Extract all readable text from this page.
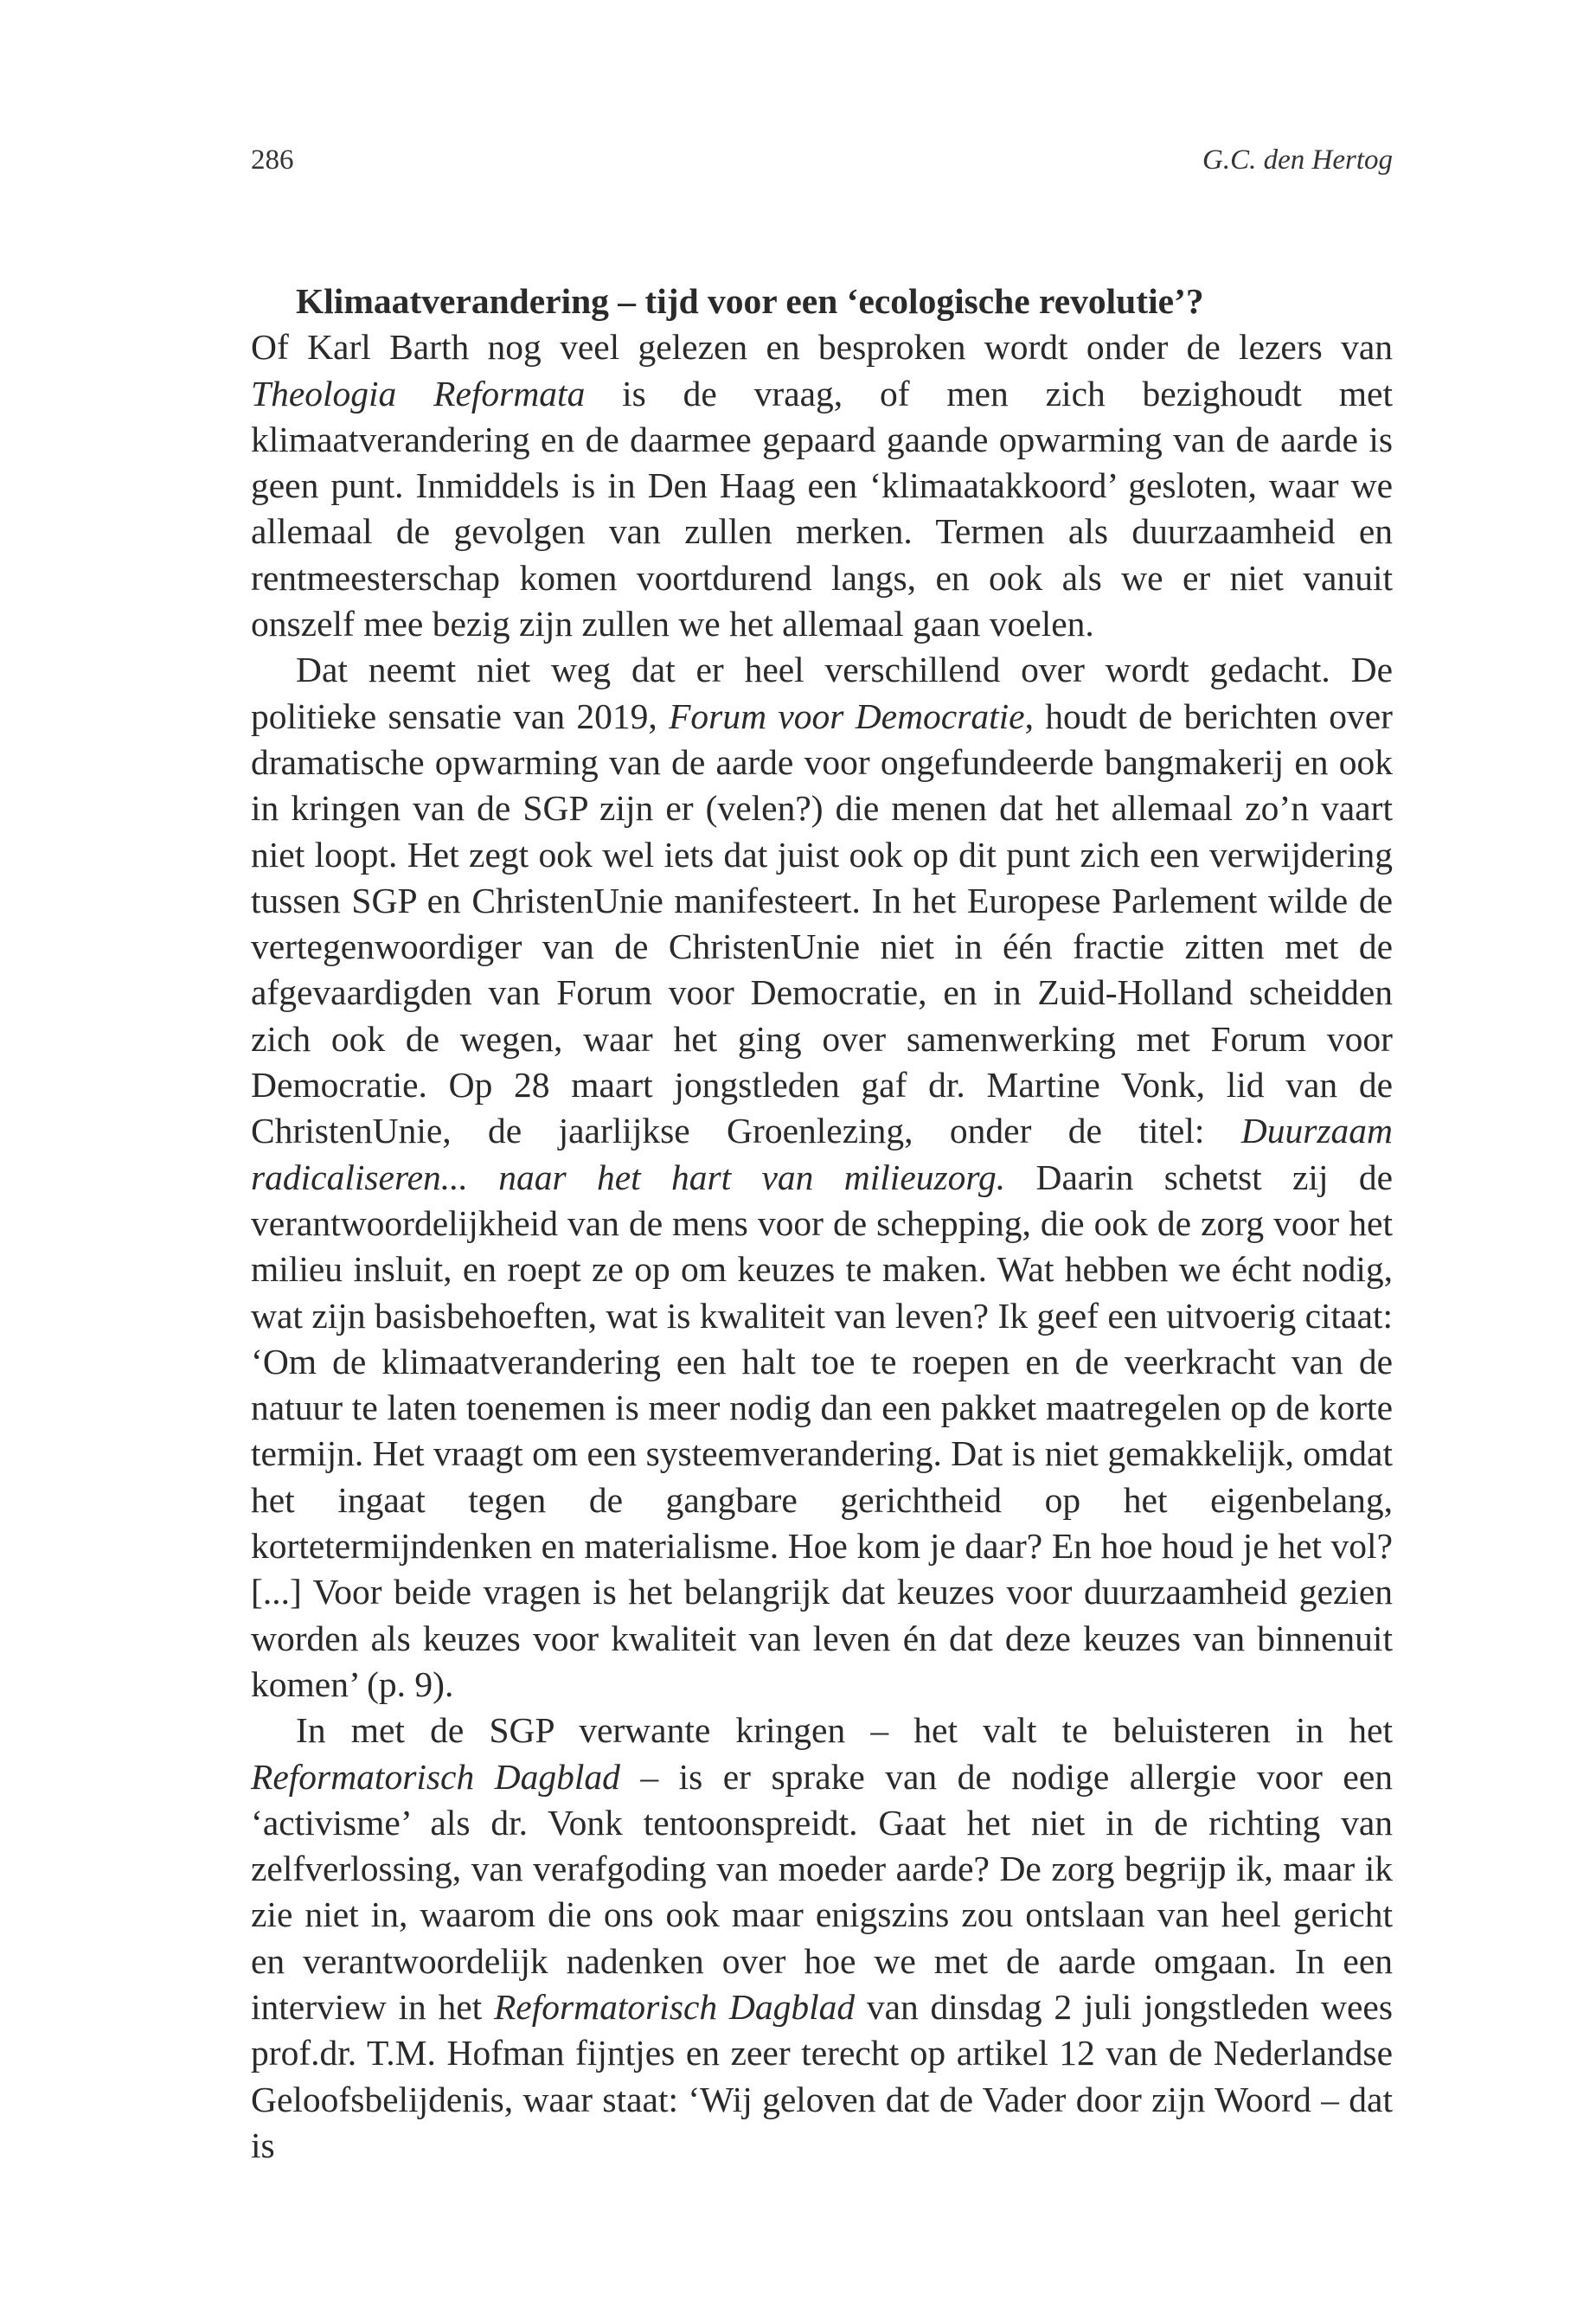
286	G.C. den Hertog
Klimaatverandering – tijd voor een ‘ecologische revolutie’?

Of Karl Barth nog veel gelezen en besproken wordt onder de lezers van Theologia Reformata is de vraag, of men zich bezighoudt met klimaatverandering en de daarmee gepaard gaande opwarming van de aarde is geen punt. Inmiddels is in Den Haag een ‘klimaatakkoord’ gesloten, waar we allemaal de gevolgen van zullen merken. Termen als duurzaamheid en rentmeesterschap komen voortdurend langs, en ook als we er niet vanuit onszelf mee bezig zijn zullen we het allemaal gaan voelen.

Dat neemt niet weg dat er heel verschillend over wordt gedacht. De politieke sensatie van 2019, Forum voor Democratie, houdt de berichten over dramatische opwarming van de aarde voor ongefundeerde bangmakerij en ook in kringen van de SGP zijn er (velen?) die menen dat het allemaal zo’n vaart niet loopt. Het zegt ook wel iets dat juist ook op dit punt zich een verwijdering tussen SGP en ChristenUnie manifesteert. In het Europese Parlement wilde de vertegenwoordiger van de ChristenUnie niet in één fractie zitten met de afgevaardigden van Forum voor Democratie, en in Zuid-Holland scheidden zich ook de wegen, waar het ging over samenwerking met Forum voor Democratie. Op 28 maart jongstleden gaf dr. Martine Vonk, lid van de ChristenUnie, de jaarlijkse Groenlezing, onder de titel: Duurzaam radicaliseren... naar het hart van milieuzorg. Daarin schetst zij de verantwoordelijkheid van de mens voor de schepping, die ook de zorg voor het milieu insluit, en roept ze op om keuzes te maken. Wat hebben we écht nodig, wat zijn basisbehoeften, wat is kwaliteit van leven? Ik geef een uitvoerig citaat: ‘Om de klimaatverandering een halt toe te roepen en de veerkracht van de natuur te laten toenemen is meer nodig dan een pakket maatregelen op de korte termijn. Het vraagt om een systeemverandering. Dat is niet gemakkelijk, omdat het ingaat tegen de gangbare gerichtheid op het eigenbelang, kortetermijndenken en materialisme. Hoe kom je daar? En hoe houd je het vol? [...] Voor beide vragen is het belangrijk dat keuzes voor duurzaamheid gezien worden als keuzes voor kwaliteit van leven én dat deze keuzes van binnenuit komen’ (p. 9).

In met de SGP verwante kringen – het valt te beluisteren in het Reformatorisch Dagblad – is er sprake van de nodige allergie voor een ‘activisme’ als dr. Vonk tentoonspreidt. Gaat het niet in de richting van zelfverlossing, van verafgoding van moeder aarde? De zorg begrijp ik, maar ik zie niet in, waarom die ons ook maar enigszins zou ontslaan van heel gericht en verantwoordelijk nadenken over hoe we met de aarde omgaan. In een interview in het Reformatorisch Dagblad van dinsdag 2 juli jongstleden wees prof.dr. T.M. Hofman fijntjes en zeer terecht op artikel 12 van de Nederlandse Geloofsbelijdenis, waar staat: ‘Wij geloven dat de Vader door zijn Woord – dat is
